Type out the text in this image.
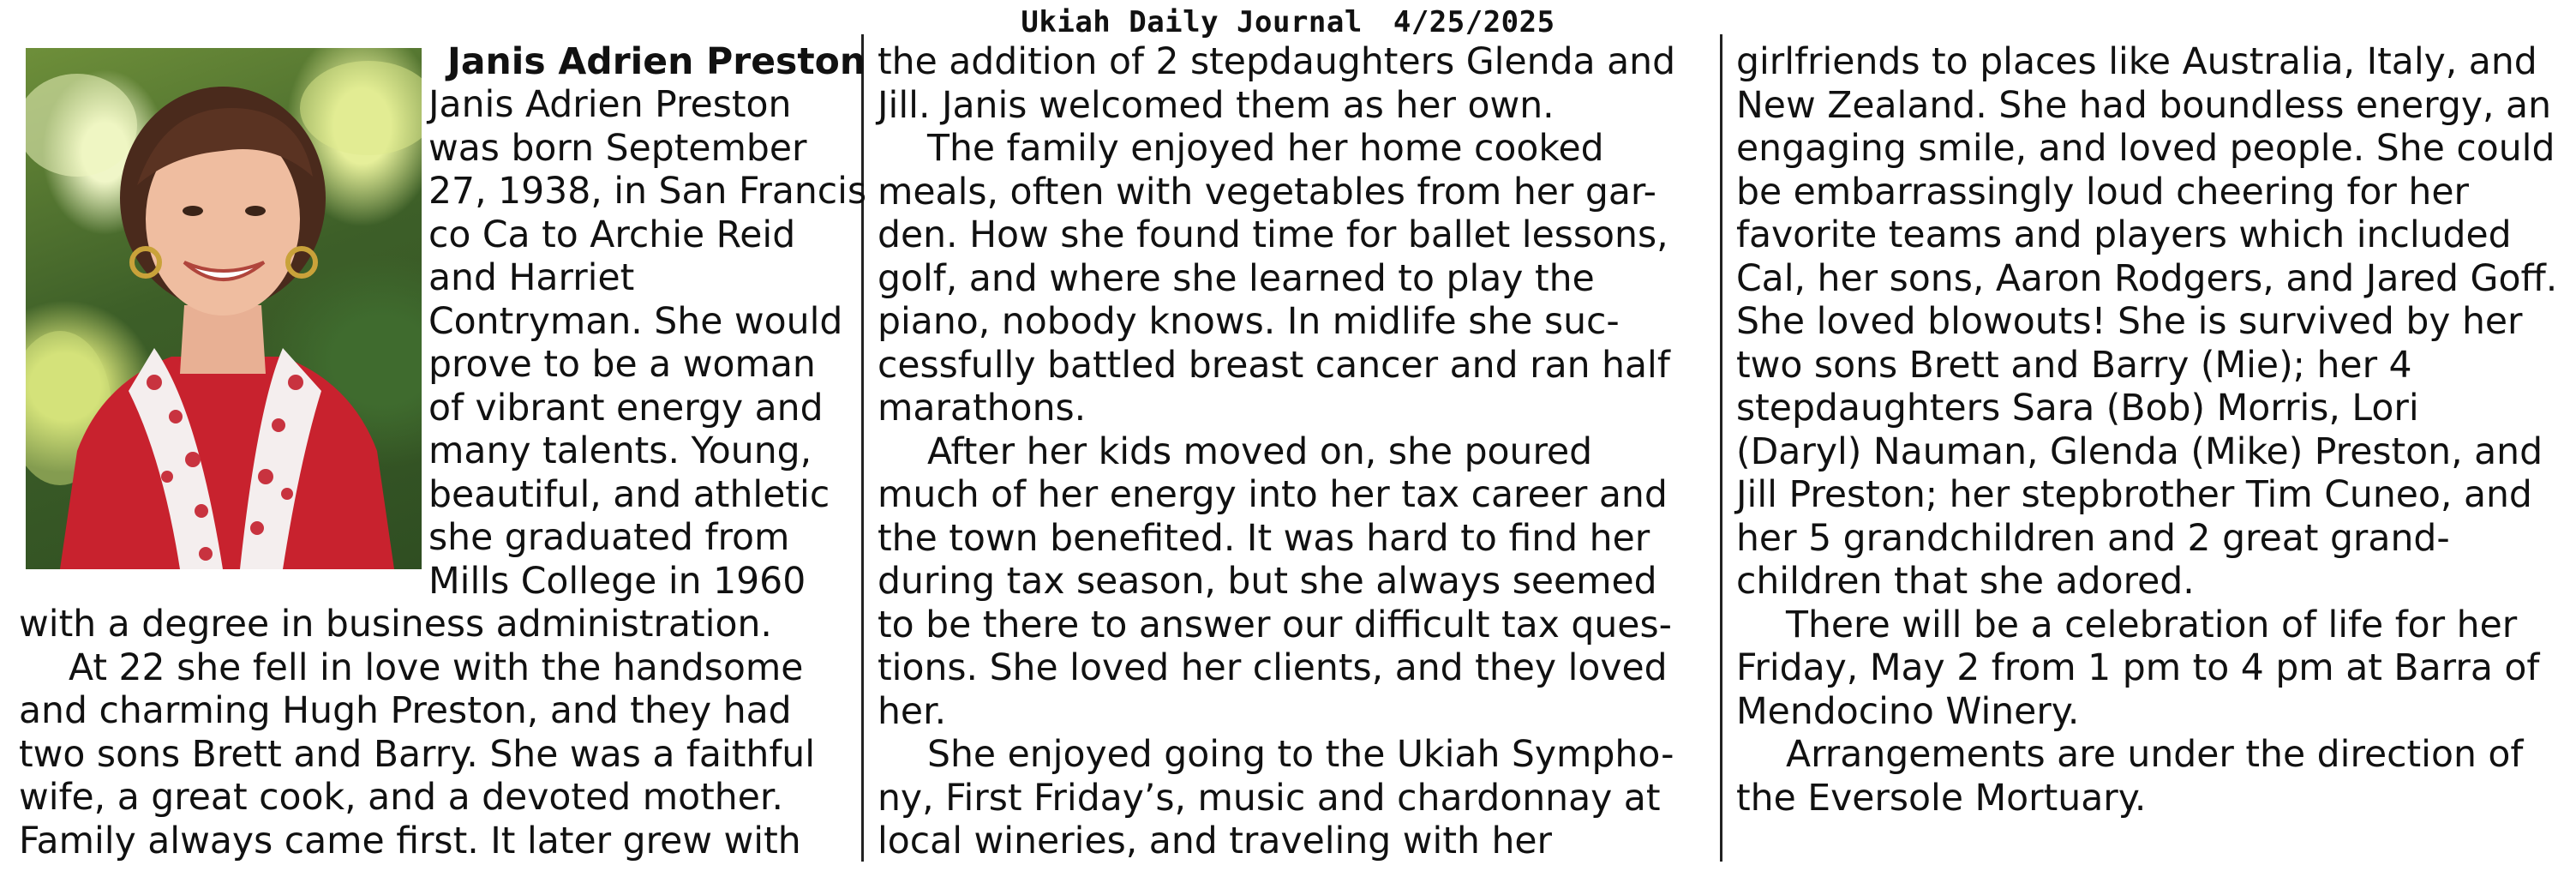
Ukiah Daily Journal 4/25/2025
Janis Adrien Preston
Janis Adrien Preston
was born September
27, 1938, in San Francis
co Ca to Archie Reid
and Harriet
Contryman. She would
prove to be a woman
of vibrant energy and
many talents. Young,
beautiful, and athletic
she graduated from
Mills College in 1960
with a degree in business administration.
At 22 she fell in love with the handsome
and charming Hugh Preston, and they had
two sons Brett and Barry. She was a faithful
wife, a great cook, and a devoted mother.
Family always came first. It later grew with
the addition of 2 stepdaughters Glenda and
Jill. Janis welcomed them as her own.
The family enjoyed her home cooked
meals, often with vegetables from her gar-
den. How she found time for ballet lessons,
golf, and where she learned to play the
piano, nobody knows. In midlife she suc-
cessfully battled breast cancer and ran half
marathons.
After her kids moved on, she poured
much of her energy into her tax career and
the town benefited. It was hard to find her
during tax season, but she always seemed
to be there to answer our difficult tax ques-
tions. She loved her clients, and they loved
her.
She enjoyed going to the Ukiah Sympho-
ny, First Friday’s, music and chardonnay at
local wineries, and traveling with her
girlfriends to places like Australia, Italy, and
New Zealand. She had boundless energy, an
engaging smile, and loved people. She could
be embarrassingly loud cheering for her
favorite teams and players which included
Cal, her sons, Aaron Rodgers, and Jared Goff.
She loved blowouts! She is survived by her
two sons Brett and Barry (Mie); her 4
stepdaughters Sara (Bob) Morris, Lori
(Daryl) Nauman, Glenda (Mike) Preston, and
Jill Preston; her stepbrother Tim Cuneo, and
her 5 grandchildren and 2 great grand-
children that she adored.
There will be a celebration of life for her
Friday, May 2 from 1 pm to 4 pm at Barra of
Mendocino Winery.
Arrangements are under the direction of
the Eversole Mortuary.
